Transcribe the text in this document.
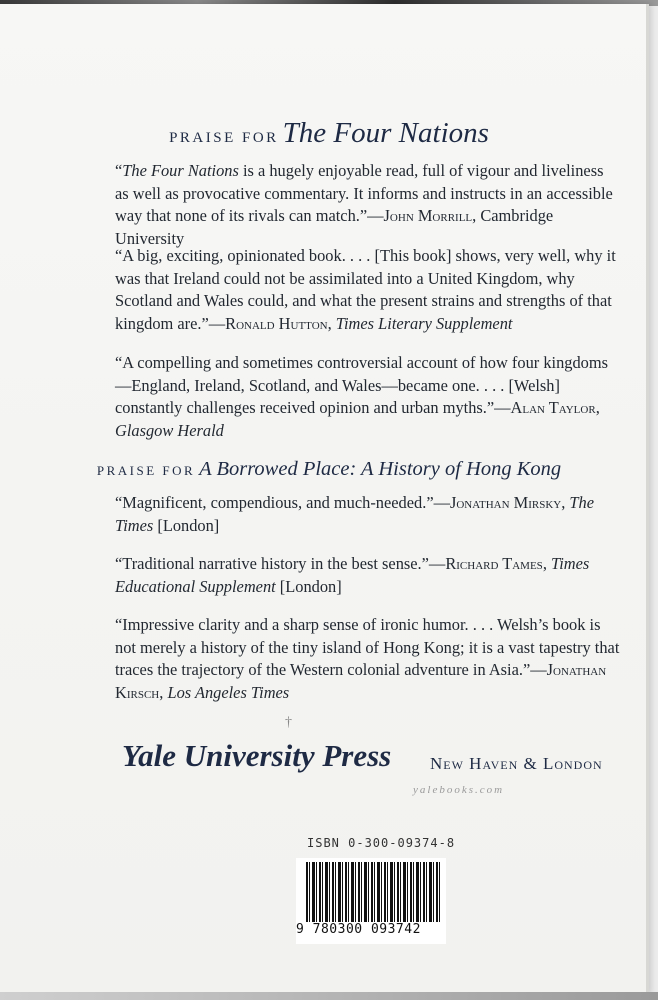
PRAISE FOR The Four Nations

“The Four Nations is a hugely enjoyable read, full of vigour and liveliness as well as provocative commentary. It informs and instructs in an accessible way that none of its rivals can match.”—John Morrill, Cambridge University

“A big, exciting, opinionated book. . . . [This book] shows, very well, why it was that Ireland could not be assimilated into a United Kingdom, why Scotland and Wales could, and what the present strains and strengths of that kingdom are.”—Ronald Hutton, Times Literary Supplement

“A compelling and sometimes controversial account of how four kingdoms—England, Ireland, Scotland, and Wales—became one. . . . [Welsh] constantly challenges received opinion and urban myths.”—Alan Taylor, Glasgow Herald

PRAISE FOR A Borrowed Place: A History of Hong Kong

“Magnificent, compendious, and much-needed.”—Jonathan Mirsky, The Times [London]

“Traditional narrative history in the best sense.”—Richard Tames, Times Educational Supplement [London]

“Impressive clarity and a sharp sense of ironic humor. . . . Welsh’s book is not merely a history of the tiny island of Hong Kong; it is a vast tapestry that traces the trajectory of the Western colonial adventure in Asia.”—Jonathan Kirsch, Los Angeles Times

†
Yale University Press New Haven & London
yalebooks.com
ISBN 0-300-09374-8
9 780300 093742
